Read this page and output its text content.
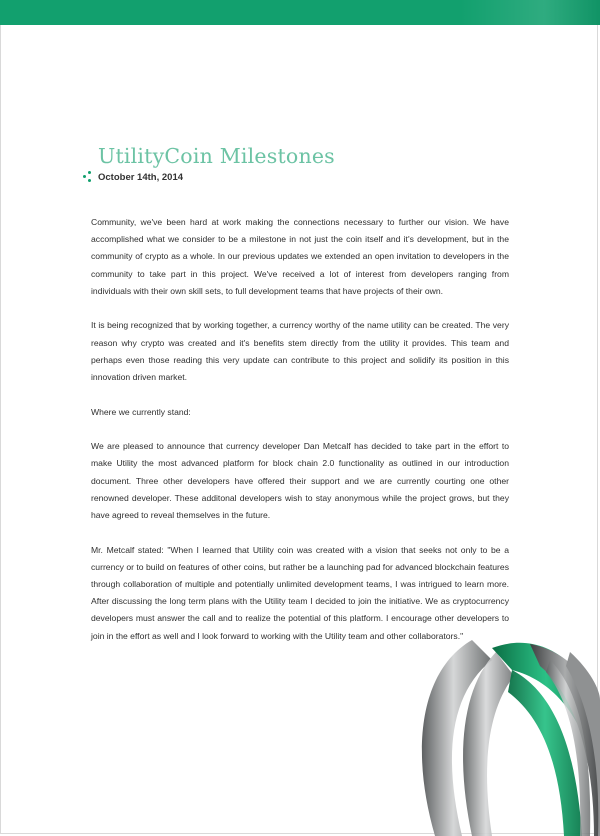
UtilityCoin Milestones
October 14th, 2014

Community, we've been hard at work making the connections necessary to further our vision. We have accomplished what we consider to be a milestone in not just the coin itself and it's development, but in the community of crypto as a whole. In our previous updates we extended an open invitation to developers in the community to take part in this project. We've received a lot of interest from developers ranging from individuals with their own skill sets, to full development teams that have projects of their own.

It is being recognized that by working together, a currency worthy of the name utility can be created. The very reason why crypto was created and it's benefits stem directly from the utility it provides. This team and perhaps even those reading this very update can contribute to this project and solidify its position in this innovation driven market.

Where we currently stand:

We are pleased to announce that currency developer Dan Metcalf has decided to take part in the effort to make Utility the most advanced platform for block chain 2.0 functionality as outlined in our introduction document. Three other developers have offered their support and we are currently courting one other renowned developer. These additonal developers wish to stay anonymous while the project grows, but they have agreed to reveal themselves in the future.

Mr. Metcalf stated: "When I learned that Utility coin was created with a vision that seeks not only to be a currency or to build on features of other coins, but rather be a launching pad for advanced blockchain features through collaboration of multiple and potentially unlimited development teams, I was intrigued to learn more. After discussing the long term plans with the Utility team I decided to join the initiative. We as cryptocurrency developers must answer the call and to realize the potential of this platform. I encourage other developers to join in the effort as well and I look forward to working with the Utility team and other collaborators."
